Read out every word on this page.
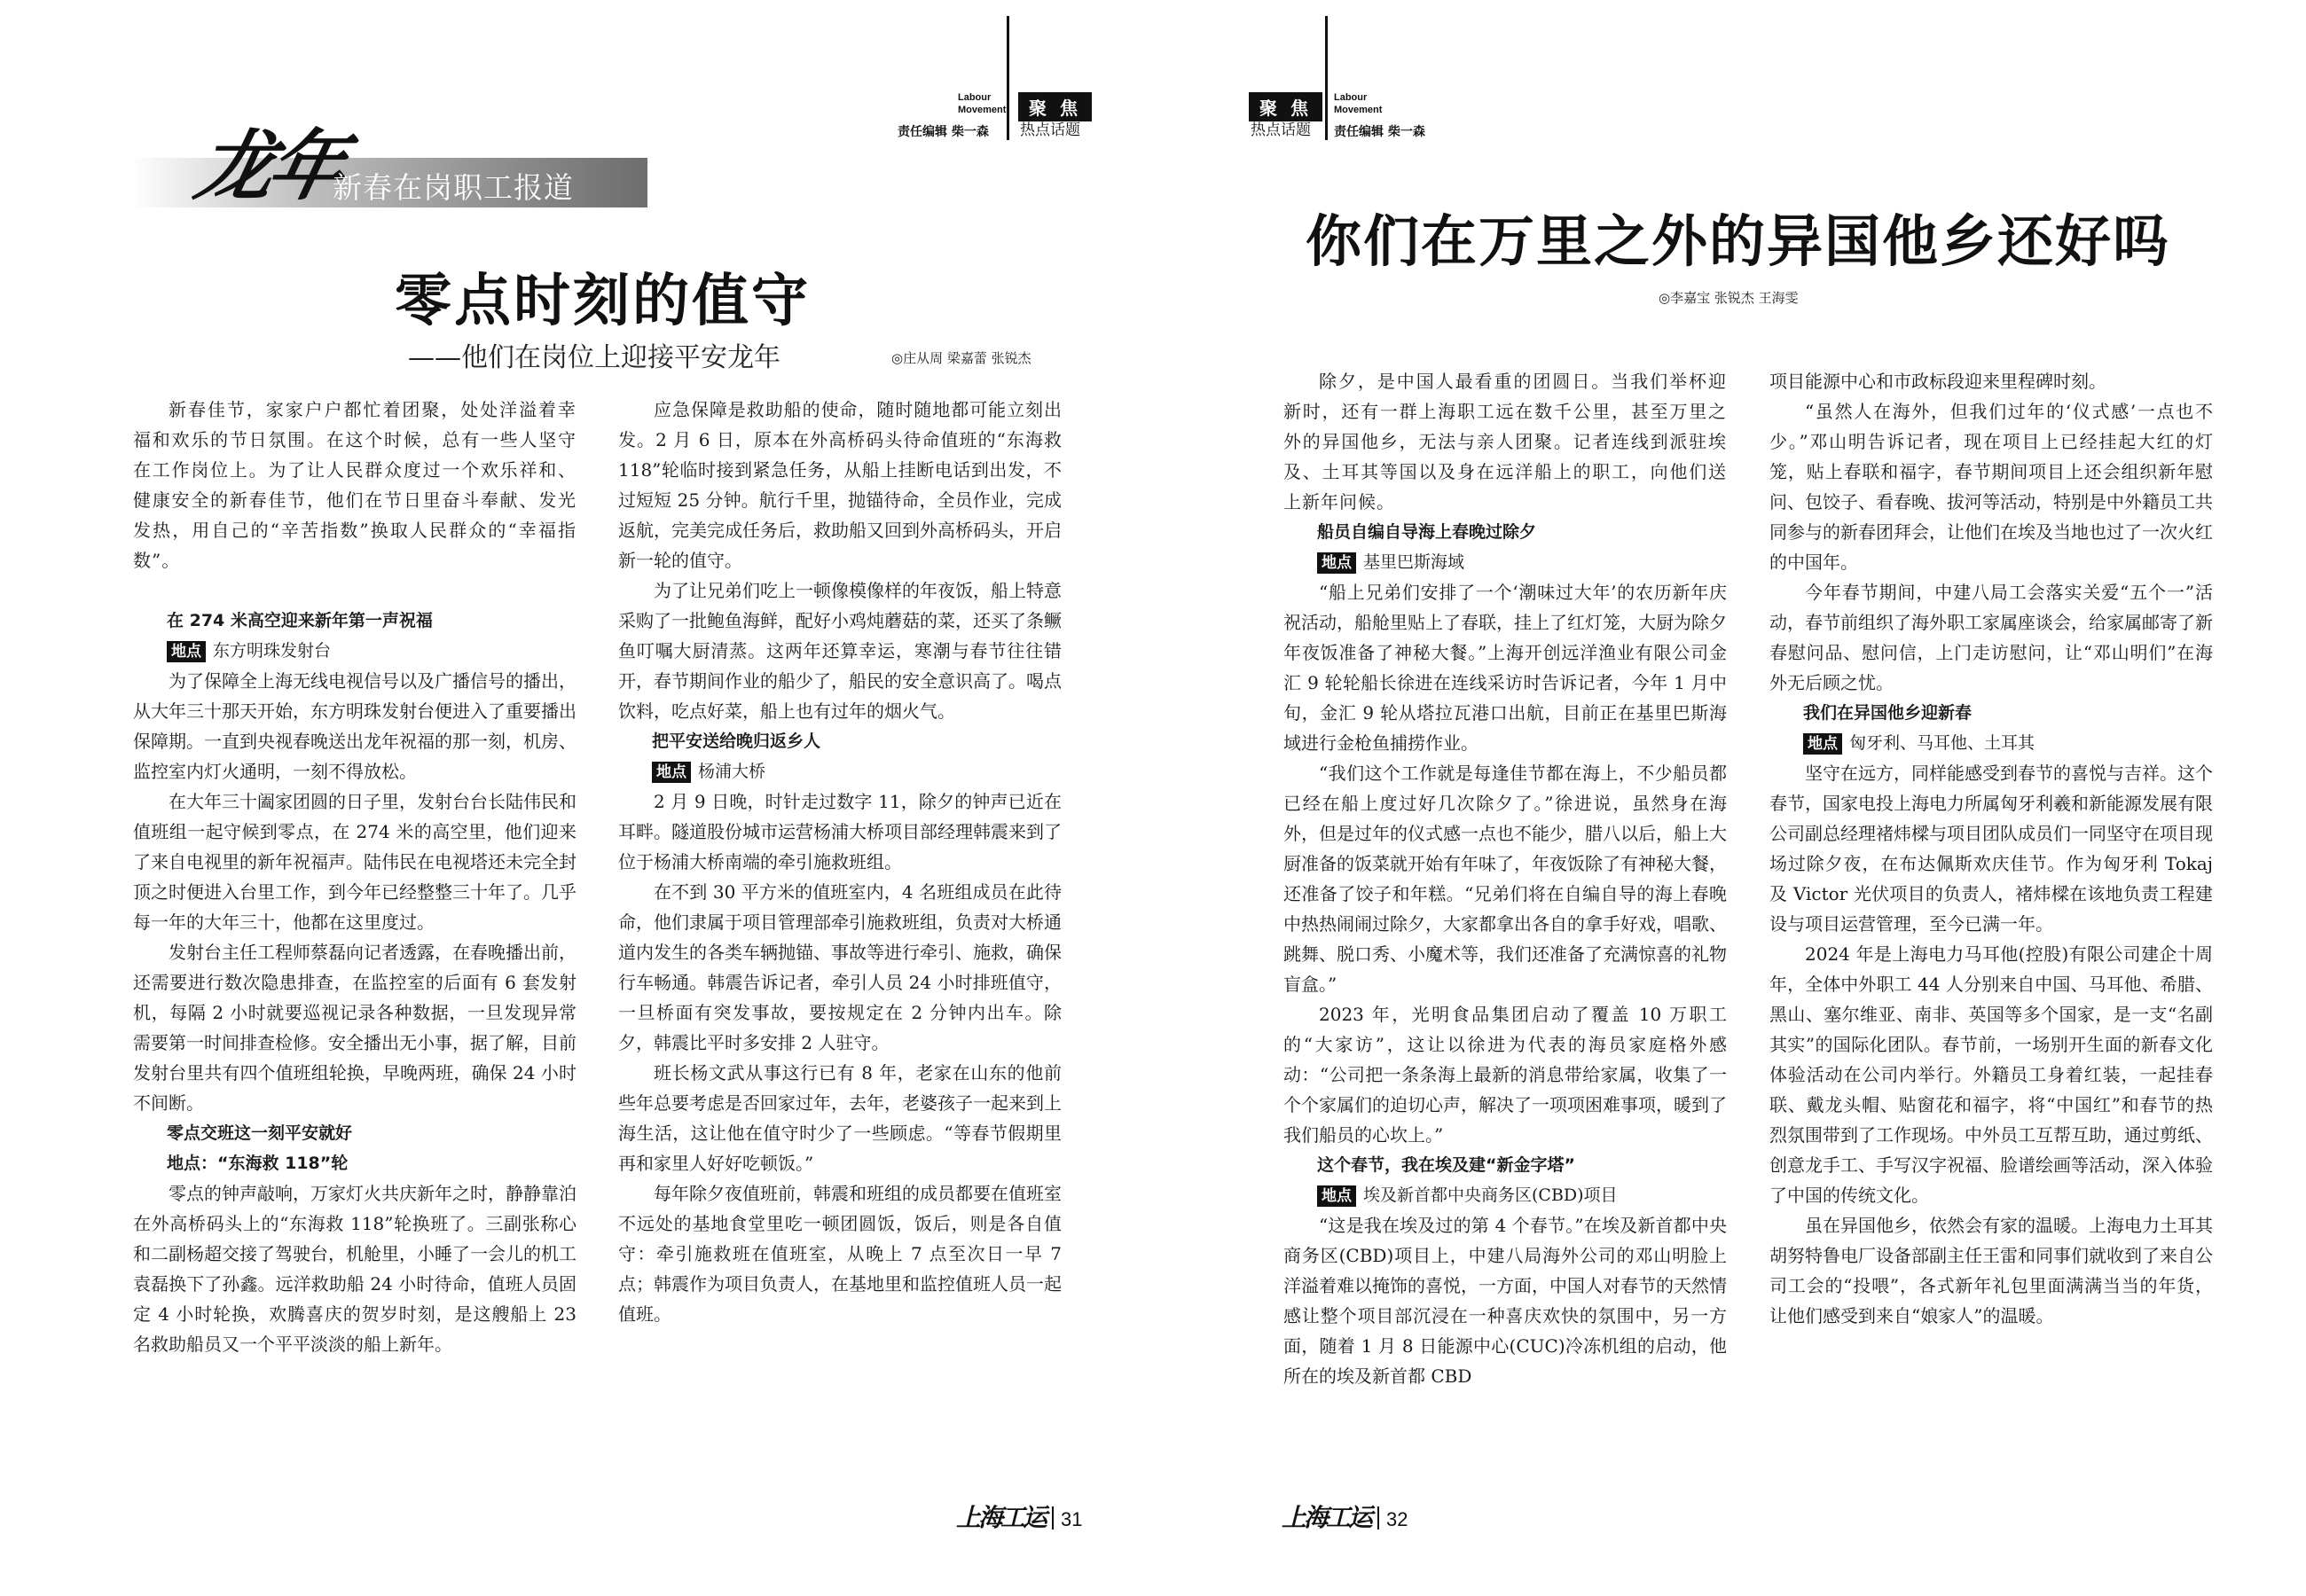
Labour
Movement	聚 焦
热点话题
责任编辑 柴一森
龙年
新春在岗职工报道
零点时刻的值守
——他们在岗位上迎接平安龙年	◎庄从周 梁嘉蕾 张锐杰

新春佳节，家家户户都忙着团聚，处处洋溢着幸福和欢乐的节日氛围。在这个时候，总有一些人坚守在工作岗位上。为了让人民群众度过一个欢乐祥和、健康安全的新春佳节，他们在节日里奋斗奉献、发光发热，用自己的“辛苦指数”换取人民群众的“幸福指数”。

在 274 米高空迎来新年第一声祝福
地点 东方明珠发射台

为了保障全上海无线电视信号以及广播信号的播出，从大年三十那天开始，东方明珠发射台便进入了重要播出保障期。一直到央视春晚送出龙年祝福的那一刻，机房、监控室内灯火通明，一刻不得放松。

在大年三十阖家团圆的日子里，发射台台长陆伟民和值班组一起守候到零点，在 274 米的高空里，他们迎来了来自电视里的新年祝福声。陆伟民在电视塔还未完全封顶之时便进入台里工作，到今年已经整整三十年了。几乎每一年的大年三十，他都在这里度过。

发射台主任工程师蔡磊向记者透露，在春晚播出前，还需要进行数次隐患排查，在监控室的后面有 6 套发射机，每隔 2 小时就要巡视记录各种数据，一旦发现异常需要第一时间排查检修。安全播出无小事，据了解，目前发射台里共有四个值班组轮换，早晚两班，确保 24 小时不间断。

零点交班这一刻平安就好
地点：“东海救 118”轮

零点的钟声敲响，万家灯火共庆新年之时，静静靠泊在外高桥码头上的“东海救 118”轮换班了。三副张称心和二副杨超交接了驾驶台，机舱里，小睡了一会儿的机工袁磊换下了孙鑫。远洋救助船 24 小时待命，值班人员固定 4 小时轮换，欢腾喜庆的贺岁时刻，是这艘船上 23 名救助船员又一个平平淡淡的船上新年。

应急保障是救助船的使命，随时随地都可能立刻出发。2 月 6 日，原本在外高桥码头待命值班的“东海救 118”轮临时接到紧急任务，从船上挂断电话到出发，不过短短 25 分钟。航行千里，抛锚待命，全员作业，完成返航，完美完成任务后，救助船又回到外高桥码头，开启新一轮的值守。

为了让兄弟们吃上一顿像模像样的年夜饭，船上特意采购了一批鲍鱼海鲜，配好小鸡炖蘑菇的菜，还买了条鳜鱼叮嘱大厨清蒸。这两年还算幸运，寒潮与春节往往错开，春节期间作业的船少了，船民的安全意识高了。喝点饮料，吃点好菜，船上也有过年的烟火气。

把平安送给晚归返乡人
地点 杨浦大桥

2 月 9 日晚，时针走过数字 11，除夕的钟声已近在耳畔。隧道股份城市运营杨浦大桥项目部经理韩震来到了位于杨浦大桥南端的牵引施救班组。

在不到 30 平方米的值班室内，4 名班组成员在此待命，他们隶属于项目管理部牵引施救班组，负责对大桥通道内发生的各类车辆抛锚、事故等进行牵引、施救，确保行车畅通。韩震告诉记者，牵引人员 24 小时排班值守，一旦桥面有突发事故，要按规定在 2 分钟内出车。除夕，韩震比平时多安排 2 人驻守。

班长杨文武从事这行已有 8 年，老家在山东的他前些年总要考虑是否回家过年，去年，老婆孩子一起来到上海生活，这让他在值守时少了一些顾虑。“等春节假期里再和家里人好好吃顿饭。”

每年除夕夜值班前，韩震和班组的成员都要在值班室不远处的基地食堂里吃一顿团圆饭，饭后，则是各自值守：牵引施救班在值班室，从晚上 7 点至次日一早 7 点；韩震作为项目负责人，在基地里和监控值班人员一起值班。

上海工运 31
聚 焦
热点话题
Labour
Movement
责任编辑 柴一森
你们在万里之外的异国他乡还好吗
◎李嘉宝 张锐杰 王海雯

除夕，是中国人最看重的团圆日。当我们举杯迎新时，还有一群上海职工远在数千公里，甚至万里之外的异国他乡，无法与亲人团聚。记者连线到派驻埃及、土耳其等国以及身在远洋船上的职工，向他们送上新年问候。

船员自编自导海上春晚过除夕
地点 基里巴斯海域

“船上兄弟们安排了一个‘潮味过大年’的农历新年庆祝活动，船舱里贴上了春联，挂上了红灯笼，大厨为除夕年夜饭准备了神秘大餐。”上海开创远洋渔业有限公司金汇 9 轮轮船长徐进在连线采访时告诉记者，今年 1 月中旬，金汇 9 轮从塔拉瓦港口出航，目前正在基里巴斯海域进行金枪鱼捕捞作业。

“我们这个工作就是每逢佳节都在海上，不少船员都已经在船上度过好几次除夕了。”徐进说，虽然身在海外，但是过年的仪式感一点也不能少，腊八以后，船上大厨准备的饭菜就开始有年味了，年夜饭除了有神秘大餐，还准备了饺子和年糕。“兄弟们将在自编自导的海上春晚中热热闹闹过除夕，大家都拿出各自的拿手好戏，唱歌、跳舞、脱口秀、小魔术等，我们还准备了充满惊喜的礼物盲盒。”

2023 年，光明食品集团启动了覆盖 10 万职工的“大家访”，这让以徐进为代表的海员家庭格外感动：“公司把一条条海上最新的消息带给家属，收集了一个个家属们的迫切心声，解决了一项项困难事项，暖到了我们船员的心坎上。”

这个春节，我在埃及建“新金字塔”
地点 埃及新首都中央商务区(CBD)项目

“这是我在埃及过的第 4 个春节。”在埃及新首都中央商务区(CBD)项目上，中建八局海外公司的邓山明脸上洋溢着难以掩饰的喜悦，一方面，中国人对春节的天然情感让整个项目部沉浸在一种喜庆欢快的氛围中，另一方面，随着 1 月 8 日能源中心(CUC)冷冻机组的启动，他所在的埃及新首都 CBD

项目能源中心和市政标段迎来里程碑时刻。

“虽然人在海外，但我们过年的‘仪式感’一点也不少。”邓山明告诉记者，现在项目上已经挂起大红的灯笼，贴上春联和福字，春节期间项目上还会组织新年慰问、包饺子、看春晚、拔河等活动，特别是中外籍员工共同参与的新春团拜会，让他们在埃及当地也过了一次火红的中国年。

今年春节期间，中建八局工会落实关爱“五个一”活动，春节前组织了海外职工家属座谈会，给家属邮寄了新春慰问品、慰问信，上门走访慰问，让“邓山明们”在海外无后顾之忧。

我们在异国他乡迎新春
地点 匈牙利、马耳他、土耳其

坚守在远方，同样能感受到春节的喜悦与吉祥。这个春节，国家电投上海电力所属匈牙利羲和新能源发展有限公司副总经理褚炜樑与项目团队成员们一同坚守在项目现场过除夕夜，在布达佩斯欢庆佳节。作为匈牙利 Tokaj 及 Victor 光伏项目的负责人，褚炜樑在该地负责工程建设与项目运营管理，至今已满一年。

2024 年是上海电力马耳他(控股)有限公司建企十周年，全体中外职工 44 人分别来自中国、马耳他、希腊、黑山、塞尔维亚、南非、英国等多个国家，是一支“名副其实”的国际化团队。春节前，一场别开生面的新春文化体验活动在公司内举行。外籍员工身着红装，一起挂春联、戴龙头帽、贴窗花和福字，将“中国红”和春节的热烈氛围带到了工作现场。中外员工互帮互助，通过剪纸、创意龙手工、手写汉字祝福、脸谱绘画等活动，深入体验了中国的传统文化。

虽在异国他乡，依然会有家的温暖。上海电力土耳其胡努特鲁电厂设备部副主任王雷和同事们就收到了来自公司工会的“投喂”，各式新年礼包里面满满当当的年货，让他们感受到来自“娘家人”的温暖。

上海工运 32
